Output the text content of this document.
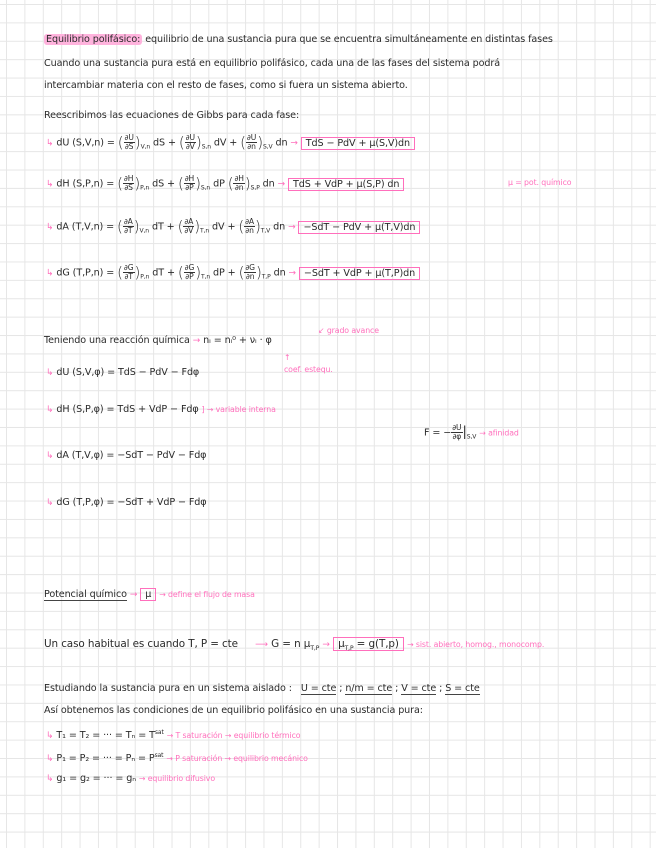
Equilibrio polifásico: equilibrio de una sustancia pura que se encuentra simultáneamente en distintas fases
Cuando una sustancia pura está en equilibrio polifásico, cada una de las fases del sistema podrá
intercambiar materia con el resto de fases, como si fuera un sistema abierto.
Reescribimos las ecuaciones de Gibbs para cada fase:
↳ dU (S,V,n) = ( $\frac{\partial U}{\partial S} )_{V,n}$ dS + ( $\frac{\partial U}{\partial V} )_{S,n}$ dV + ( $\frac{\partial U}{\partial n} )_{S,V}$ dn → TdS − PdV + μ(S,V)dn
↳ dH (S,P,n) = ( $\frac{\partial H}{\partial S} )_{P,n}$ dS + ( $\frac{\partial H}{\partial P} )_{S,n}$ dP ( $\frac{\partial H}{\partial n} )_{S,P}$ dn → TdS + VdP + μ(S,P) dn	μ = pot. químico
↳ dA (T,V,n) = ( $\frac{\partial A}{\partial T} )_{V,n}$ dT + ( $\frac{\partial A}{\partial V} )_{T,n}$ dV + ( $\frac{\partial A}{\partial n} )_{T,V}$ dn → −SdT − PdV + μ(T,V)dn
↳ dG (T,P,n) = ( $\frac{\partial G}{\partial T} )_{P,n}$ dT + ( $\frac{\partial G}{\partial P} )_{T,n}$ dP + ( $\frac{\partial G}{\partial n} )_{T,P}$ dn → −SdT + VdP + μ(T,P)dn
Teniendo una reacción química → nᵢ = nᵢ⁰ + νᵢ · φ
↙ grado avance
↑
coef. estequ.
↳ dU (S,V,φ) = TdS − PdV − Fdφ
↳ dH (S,P,φ) = TdS + VdP − Fdφ ] → variable interna
↳ dA (T,V,φ) = −SdT − PdV − Fdφ
↳ dG (T,P,φ) = −SdT + VdP − Fdφ
F = − $\frac{\partial U}{\partial\varphi} |_{S,V}$ → afinidad
Potencial químico → μ → define el flujo de masa
Un caso habitual es cuando T, P = cte ⟶ G = n $\mu_{T,P} \to \mu_{T,P} = g(T,p)$ → sist. abierto, homog., monocomp.
Estudiando la sustancia pura en un sistema aislado : U = cte ; n/m = cte ; V = cte ; S = cte
Así obtenemos las condiciones de un equilibrio polifásico en una sustancia pura:
↳ T₁ = T₂ = ··· = $T_n = T^{sat} \to T$ saturación → equilibrio térmico
↳ P₁ = P₂ = ··· = $P_n = P^{sat} \to P$ saturación → equilibrio mecánico
↳ g₁ = g₂ = ··· = gₙ → equilibrio difusivo
